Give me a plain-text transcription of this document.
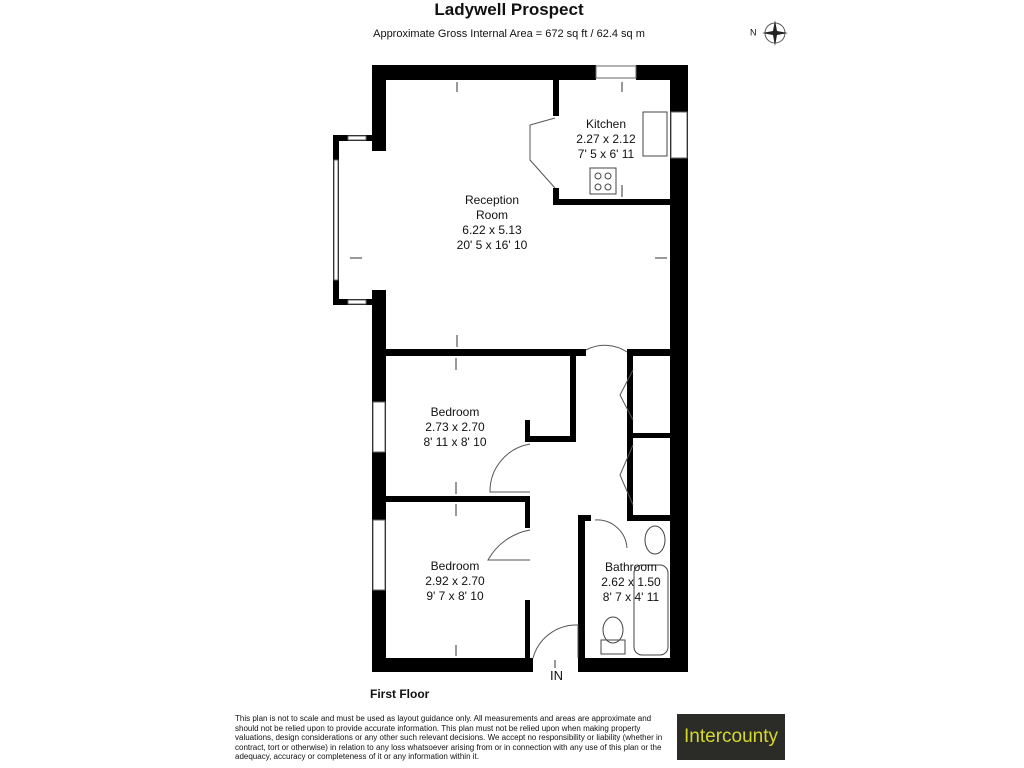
Ladywell Prospect
Approximate Gross Internal Area = 672 sq ft / 62.4 sq m	N
Kitchen
2.27 x 2.12
7' 5 x 6' 11
Reception
Room
6.22 x 5.13
20' 5 x 16' 10
Bedroom
2.73 x 2.70
8' 11 x 8' 10
Bedroom
2.92 x 2.70
9' 7 x 8' 10
Bathroom
2.62 x 1.50
8' 7 x 4' 11
IN
First Floor
This plan is not to scale and must be used as layout guidance only. All measurements and areas are approximate and should not be relied upon to provide accurate information. This plan must not be relied upon when making property valuations, design considerations or any other such relevant decisions. We accept no responsibility or liability (whether in contract, tort or otherwise) in relation to any loss whatsoever arising from or in connection with any use of this plan or the adequacy, accuracy or completeness of it or any information within it.
Intercounty
